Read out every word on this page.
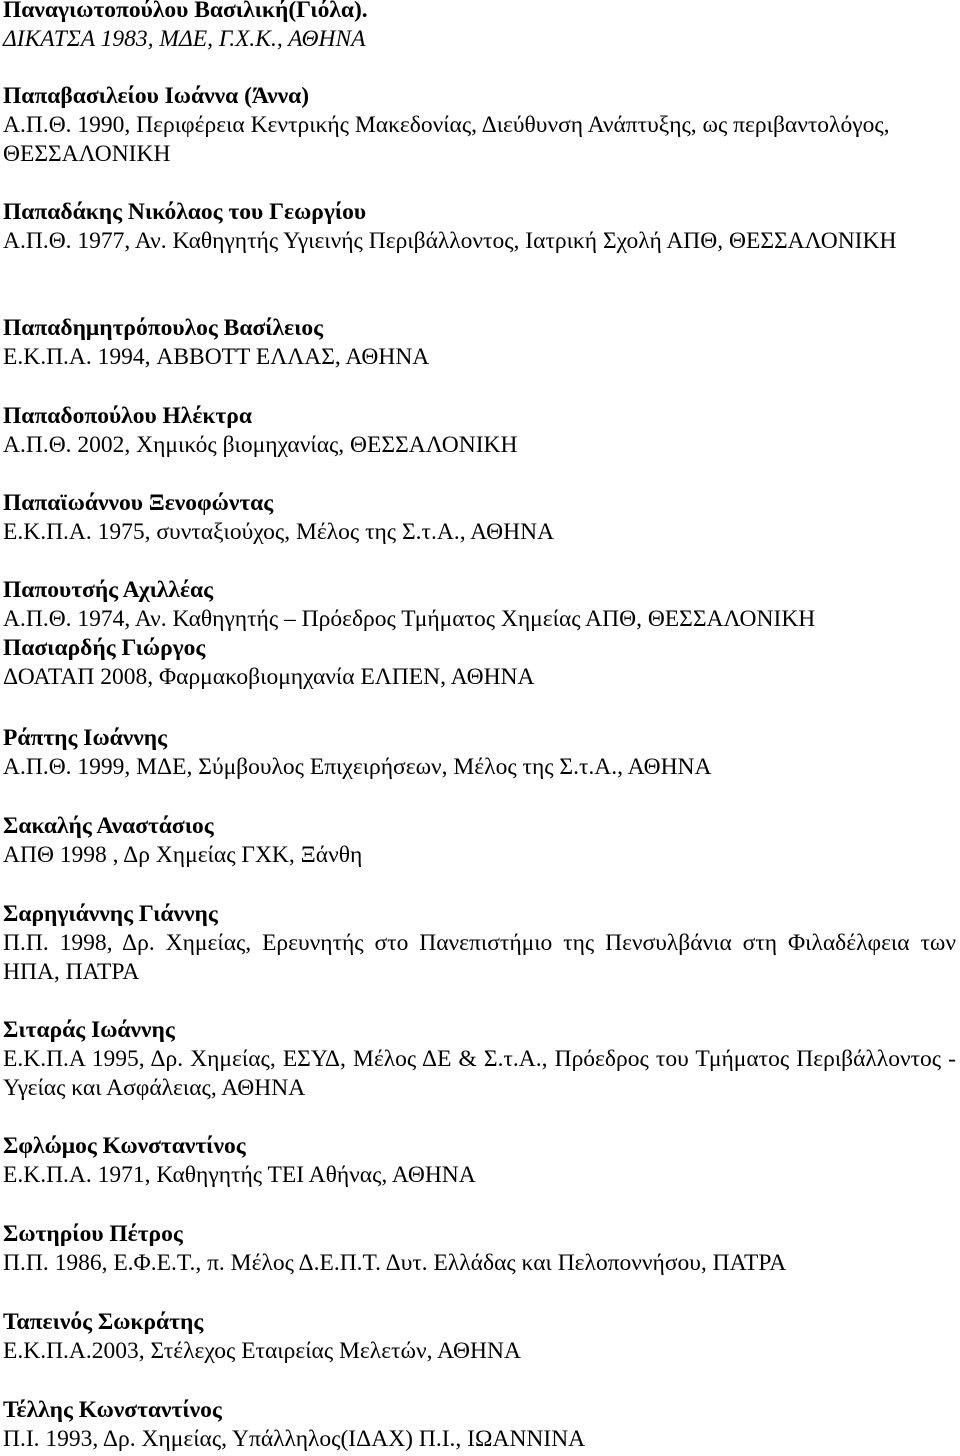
Παναγιωτοπούλου Βασιλική(Γιόλα).
ΔΙΚΑΤΣΑ 1983, ΜΔΕ, Γ.Χ.Κ., ΑΘΗΝΑ
Παπαβασιλείου Ιωάννα (Άννα)
Α.Π.Θ. 1990, Περιφέρεια Κεντρικής Μακεδονίας, Διεύθυνση Ανάπτυξης, ως περιβαντολόγος, ΘΕΣΣΑΛΟΝΙΚΗ
Παπαδάκης Νικόλαος του Γεωργίου
Α.Π.Θ. 1977, Αν. Καθηγητής Υγιεινής Περιβάλλοντος, Ιατρική Σχολή ΑΠΘ, ΘΕΣΣΑΛΟΝΙΚΗ
Παπαδημητρόπουλος Βασίλειος
Ε.Κ.Π.Α. 1994, ABBOTT ΕΛΛΑΣ, ΑΘΗΝΑ
Παπαδοπούλου Ηλέκτρα
Α.Π.Θ. 2002, Χημικός βιομηχανίας, ΘΕΣΣΑΛΟΝΙΚΗ
Παπαϊωάννου Ξενοφώντας
Ε.Κ.Π.Α. 1975, συνταξιούχος, Μέλος της Σ.τ.Α., ΑΘΗΝΑ
Παπουτσής Αχιλλέας
Α.Π.Θ. 1974, Αν. Καθηγητής – Πρόεδρος Τμήματος Χημείας ΑΠΘ, ΘΕΣΣΑΛΟΝΙΚΗ
Πασιαρδής Γιώργος
ΔΟΑΤΑΠ 2008, Φαρμακοβιομηχανία ΕΛΠΕΝ, ΑΘΗΝΑ
Ράπτης Ιωάννης
Α.Π.Θ. 1999, ΜΔΕ, Σύμβουλος Επιχειρήσεων, Μέλος της Σ.τ.Α., ΑΘΗΝΑ
Σακαλής Αναστάσιος
ΑΠΘ 1998 , Δρ Χημείας ΓΧΚ, Ξάνθη
Σαρηγιάννης Γιάννης
Π.Π. 1998, Δρ. Χημείας, Ερευνητής στο Πανεπιστήμιο της Πενσυλβάνια στη Φιλαδέλφεια των ΗΠΑ, ΠΑΤΡΑ
Σιταράς Ιωάννης
Ε.Κ.Π.Α 1995, Δρ. Χημείας, ΕΣΥΔ, Μέλος ΔΕ & Σ.τ.Α., Πρόεδρος του Τμήματος Περιβάλλοντος - Υγείας και Ασφάλειας, ΑΘΗΝΑ
Σφλώμος Κωνσταντίνος
Ε.Κ.Π.Α. 1971, Καθηγητής ΤΕΙ Αθήνας, ΑΘΗΝΑ
Σωτηρίου Πέτρος
Π.Π. 1986, Ε.Φ.Ε.Τ., π. Μέλος Δ.Ε.Π.Τ. Δυτ. Ελλάδας και Πελοποννήσου, ΠΑΤΡΑ
Ταπεινός Σωκράτης
Ε.Κ.Π.Α.2003, Στέλεχος Εταιρείας Μελετών, ΑΘΗΝΑ
Τέλλης Κωνσταντίνος
Π.Ι. 1993, Δρ. Χημείας, Υπάλληλος(ΙΔΑΧ) Π.Ι., ΙΩΑΝΝΙΝΑ
